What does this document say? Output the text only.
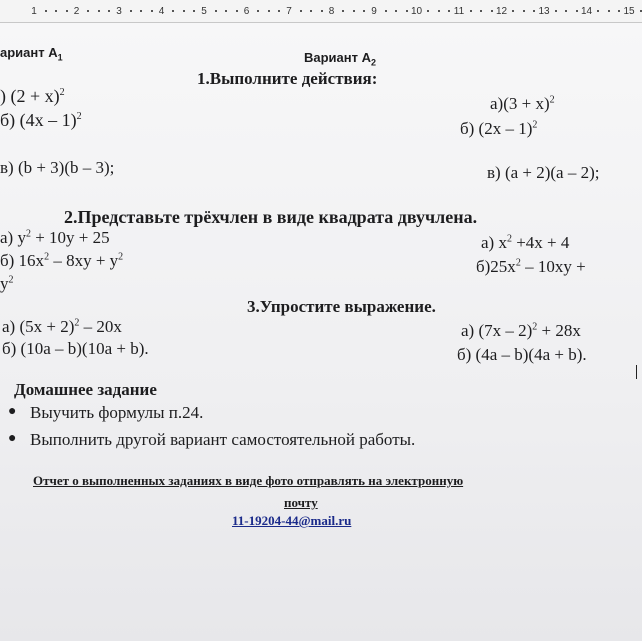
1	2	3	4	5	6	7	8	9	10	11	12	13	14	15
ариант $А_1$	Вариант $А_2$
1.Выполните действия:
) $(2 + x)^2$
б) (4x – 1)$^2$
$а)(3 + x)^2$
б) (2x – 1)$^2$
в) (b + 3)(b – 3);	в) (a + 2)(a – 2);
2.Представьте трёхчлен в виде квадрата двучлена.
а) $y^2 + 10y + 25$
б) $16x^2 - 8xy + y^2$
$y^2$
а) $x^2 +4x + 4$
$б)25x^2 - 10xy$ +
3.Упростите выражение.
а) $(5x + 2)^2 - 20x$
б) (10a – b)(10a + b).
а) (7x – 2)$^2$ + 28x
б) (4a – b)(4a + b).
Домашнее задание
● Выучить формулы п.24.
● Выполнить другой вариант самостоятельной работы.
Отчет о выполненных заданиях в виде фото отправлять на электронную
почту
11-19204-44@mail.ru
